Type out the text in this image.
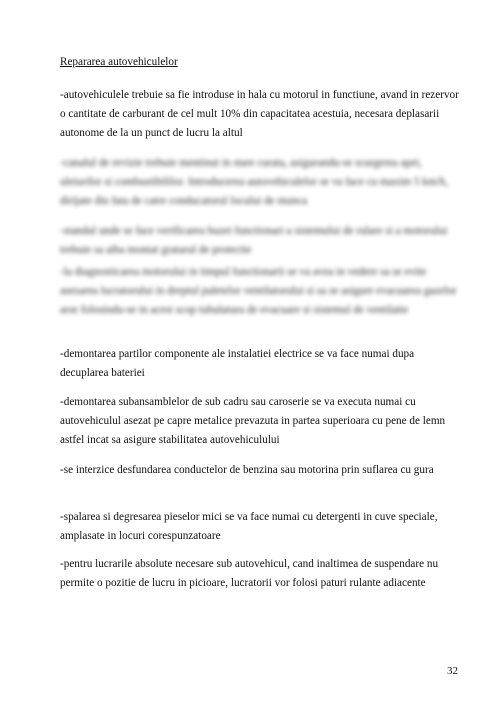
Repararea autovehiculelor
-autovehiculele trebuie sa fie introduse in hala cu motorul in functiune, avand in rezervor o cantitate de carburant de cel mult 10% din capacitatea acestuia, necesara deplasarii autonome de la un punct de lucru la altul
-canalul de revizie trebuie mentinut in stare curata, asigurandu-se scurgerea apei, uleiurilor si combustibililor. Introducerea autovehiculelor se va face cu maxim 5 km/h, dirijate din fata de catre conducatorul locului de munca
-standul unde se face verificarea buzei functionari a sistemului de rulare si a motorului trebuie sa aiba montat gratarul de protectie
-la diagnosticarea motorului in timpul functionarii se va avea in vedere sa se evite asezarea lucratorului in dreptul paletelor ventilatorului si sa se asigure evacuarea gazelor arse folosindu-se in acest scop tubulatura de evacuare si sistemul de ventilatie
-demontarea partilor componente ale instalatiei electrice se va face numai dupa decuplarea bateriei
-demontarea subansamblelor de sub cadru sau caroserie se va executa numai cu autovehiculul asezat pe capre metalice prevazuta in partea superioara cu pene de lemn astfel incat sa asigure stabilitatea autovehiculului
-se interzice desfundarea conductelor de benzina sau motorina prin suflarea cu gura
-spalarea si degresarea pieselor mici se va face numai cu detergenti in cuve speciale, amplasate in locuri corespunzatoare
-pentru lucrarile absolute necesare sub autovehicul, cand inaltimea de suspendare nu permite o pozitie de lucru in picioare, lucratorii vor folosi paturi rulante adiacente
32
